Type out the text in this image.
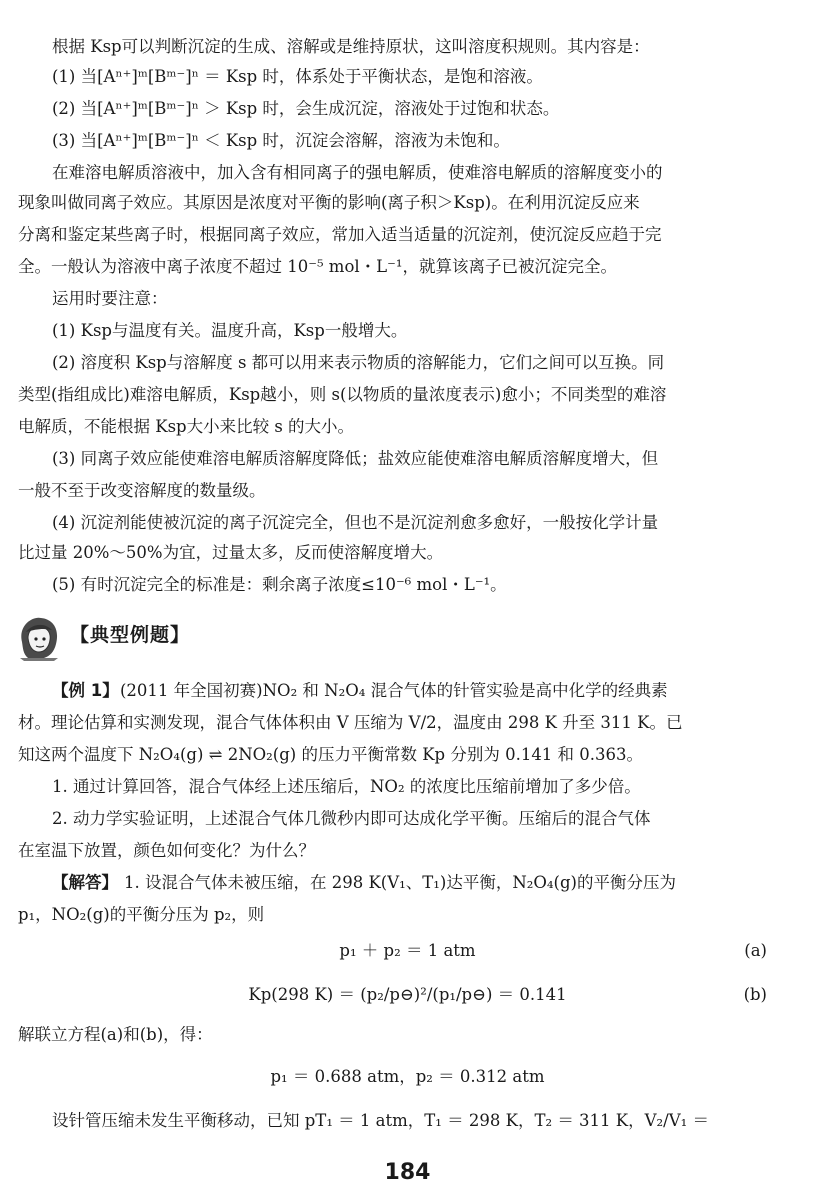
根据 Ksp可以判断沉淀的生成、溶解或是维持原状，这叫溶度积规则。其内容是：
(1) 当[Aⁿ⁺]ᵐ[Bᵐ⁻]ⁿ ＝ Ksp 时，体系处于平衡状态，是饱和溶液。
(2) 当[Aⁿ⁺]ᵐ[Bᵐ⁻]ⁿ ＞ Ksp 时，会生成沉淀，溶液处于过饱和状态。
(3) 当[Aⁿ⁺]ᵐ[Bᵐ⁻]ⁿ ＜ Ksp 时，沉淀会溶解，溶液为未饱和。
在难溶电解质溶液中，加入含有相同离子的强电解质，使难溶电解质的溶解度变小的
现象叫做同离子效应。其原因是浓度对平衡的影响(离子积＞Ksp)。在利用沉淀反应来
分离和鉴定某些离子时，根据同离子效应，常加入适当适量的沉淀剂，使沉淀反应趋于完
全。一般认为溶液中离子浓度不超过 10⁻⁵ mol・L⁻¹，就算该离子已被沉淀完全。
运用时要注意：
(1) Ksp与温度有关。温度升高，Ksp一般增大。
(2) 溶度积 Ksp与溶解度 s 都可以用来表示物质的溶解能力，它们之间可以互换。同
类型(指组成比)难溶电解质，Ksp越小，则 s(以物质的量浓度表示)愈小；不同类型的难溶
电解质，不能根据 Ksp大小来比较 s 的大小。
(3) 同离子效应能使难溶电解质溶解度降低；盐效应能使难溶电解质溶解度增大，但
一般不至于改变溶解度的数量级。
(4) 沉淀剂能使被沉淀的离子沉淀完全，但也不是沉淀剂愈多愈好，一般按化学计量
比过量 20%～50%为宜，过量太多，反而使溶解度增大。
(5) 有时沉淀完全的标准是：剩余离子浓度≤10⁻⁶ mol・L⁻¹。
【典型例题】
【例 1】 (2011 年全国初赛)NO₂ 和 N₂O₄ 混合气体的针管实验是高中化学的经典素
材。理论估算和实测发现，混合气体体积由 V 压缩为 V/2，温度由 298 K 升至 311 K。已
知这两个温度下 N₂O₄(g) ⇌ 2NO₂(g) 的压力平衡常数 Kp 分别为 0.141 和 0.363。
1. 通过计算回答，混合气体经上述压缩后，NO₂ 的浓度比压缩前增加了多少倍。
2. 动力学实验证明，上述混合气体几微秒内即可达成化学平衡。压缩后的混合气体
在室温下放置，颜色如何变化？为什么？
【解答】 1. 设混合气体未被压缩，在 298 K(V₁、T₁)达平衡，N₂O₄(g)的平衡分压为
p₁，NO₂(g)的平衡分压为 p₂，则
p₁ ＋ p₂ ＝ 1 atm	(a)
Kp(298 K) ＝ (p₂/p⊖)²/(p₁/p⊖) ＝ 0.141	(b)
解联立方程(a)和(b)，得：
p₁ ＝ 0.688 atm，p₂ ＝ 0.312 atm
设针管压缩未发生平衡移动，已知 pT₁ ＝ 1 atm，T₁ ＝ 298 K，T₂ ＝ 311 K，V₂/V₁ ＝
184
